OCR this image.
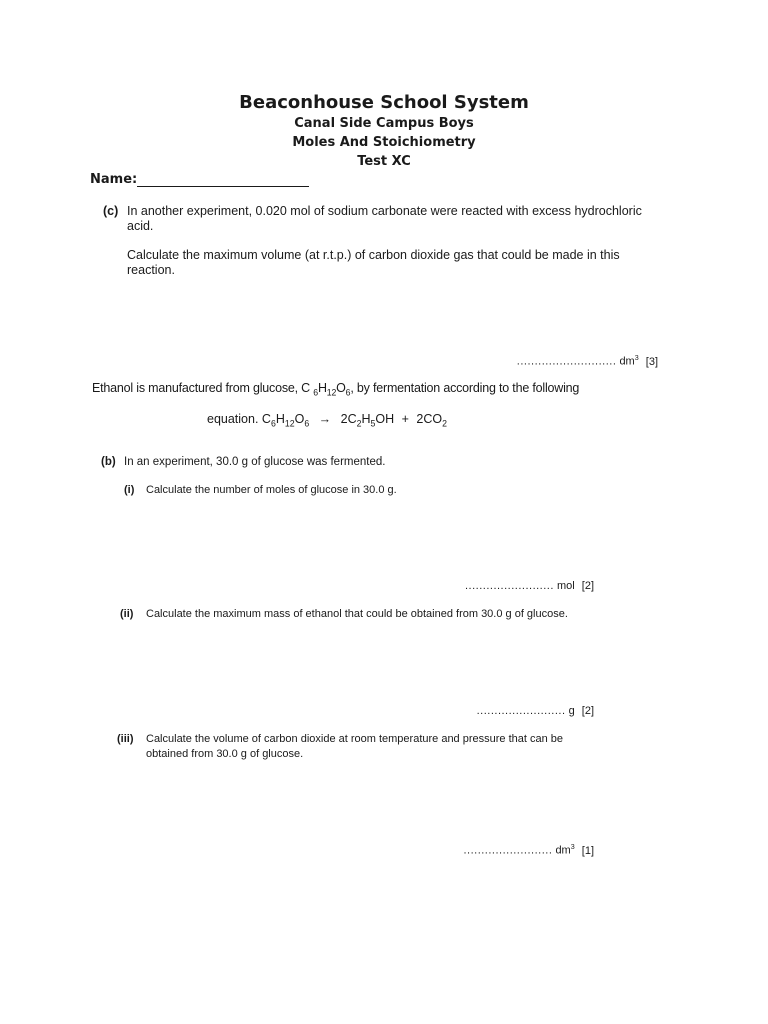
Beaconhouse School System
Canal Side Campus Boys
Moles And Stoichiometry
Test XC
Name:
(c) In another experiment, 0.020 mol of sodium carbonate were reacted with excess hydrochloric acid.
Calculate the maximum volume (at r.t.p.) of carbon dioxide gas that could be made in this reaction.
............................ $dm^3$ [3]
Ethanol is manufactured from glucose, C $_6H_{12}O_6$, by fermentation according to the following
equation. $C_6H_{12}O_6 \to 2C_2H_5OH + 2CO_2$
(b) In an experiment, 30.0 g of glucose was fermented.
(i) Calculate the number of moles of glucose in 30.0 g.
......................... mol [2]
(ii) Calculate the maximum mass of ethanol that could be obtained from 30.0 g of glucose.
......................... g [2]
(iii) Calculate the volume of carbon dioxide at room temperature and pressure that can be obtained from 30.0 g of glucose.
......................... $dm^3$ [1]
